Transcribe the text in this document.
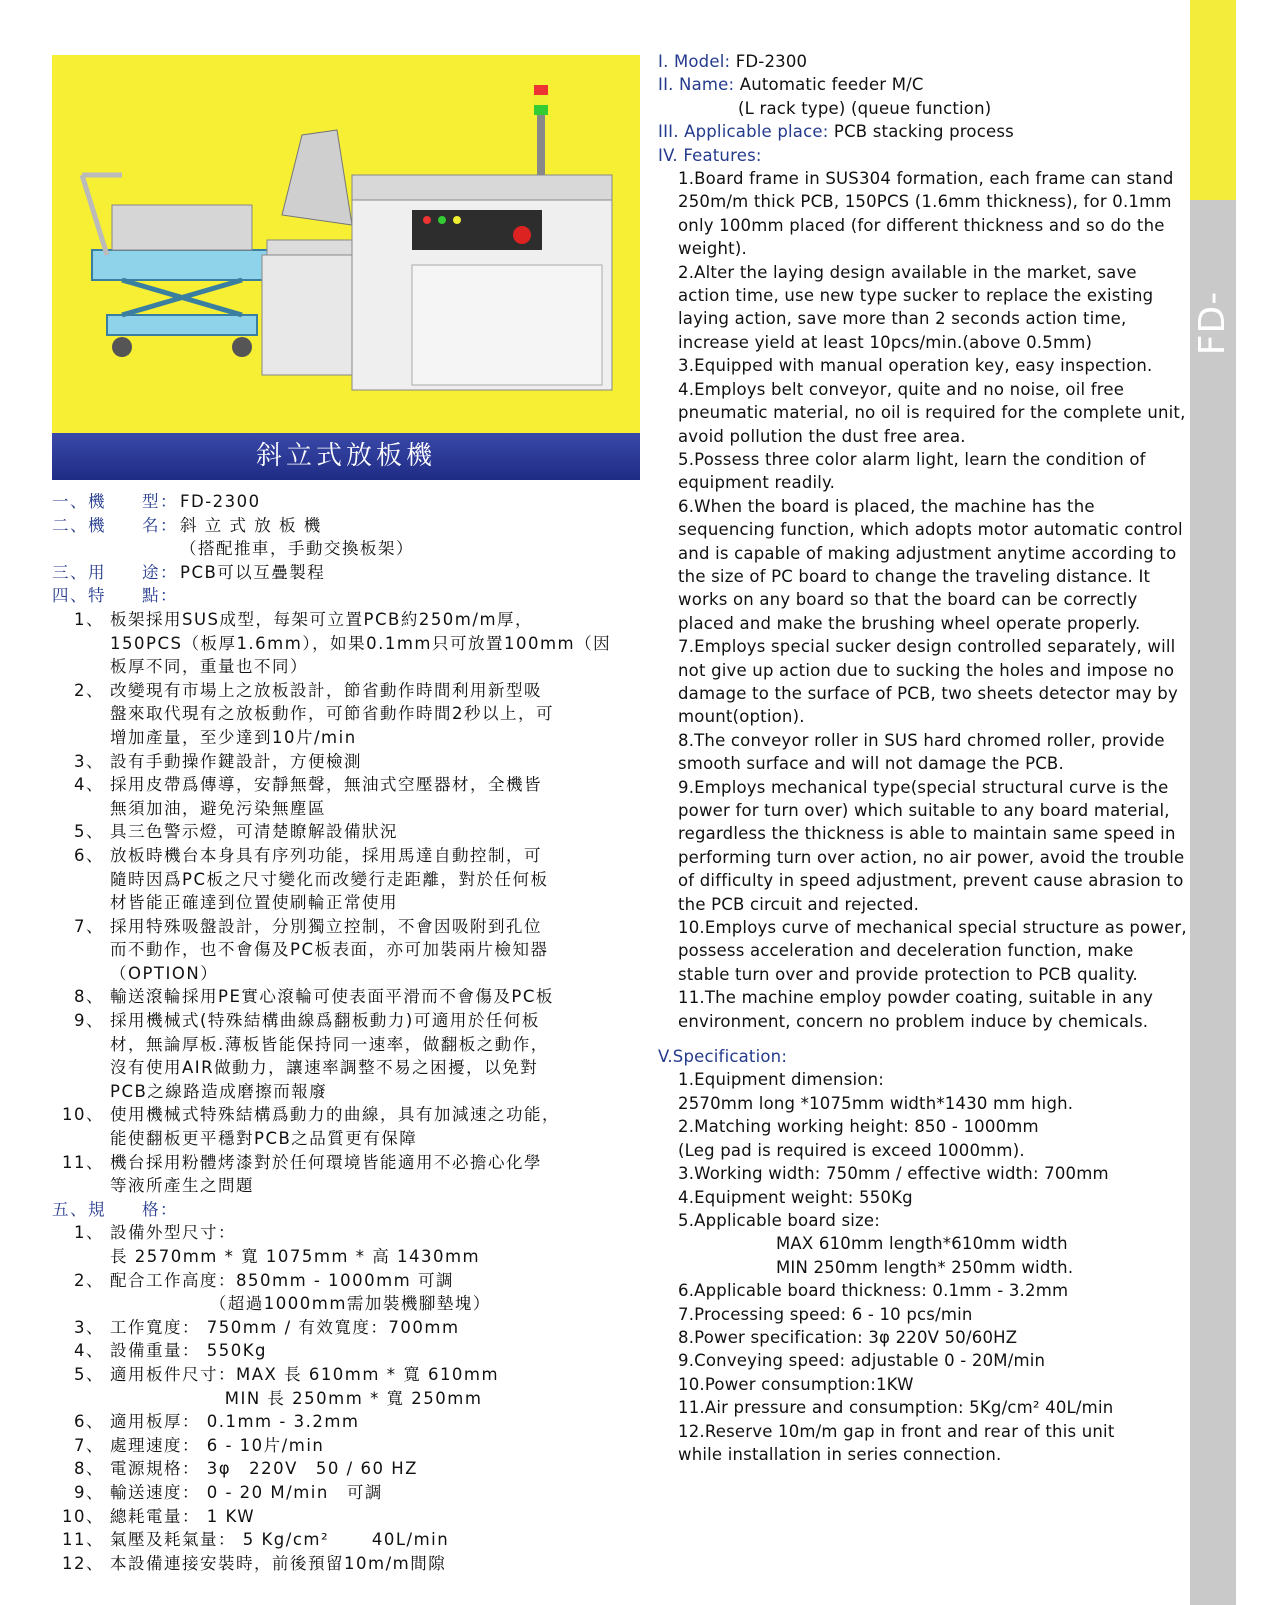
FD-2300
斜立式放板機
一、機　　型： FD-2300
二、機　　名： 斜 立 式 放 板 機
（搭配推車，手動交換板架）
三、用　　途： PCB可以互疊製程
四、特　　點：
1、 板架採用SUS成型，每架可立置PCB約250m/m厚，
150PCS（板厚1.6mm），如果0.1mm只可放置100mm（因
板厚不同，重量也不同）
2、 改變現有市場上之放板設計，節省動作時間利用新型吸
盤來取代現有之放板動作，可節省動作時間2秒以上，可
增加產量，至少達到10片/min
3、 設有手動操作鍵設計，方便檢測
4、 採用皮帶爲傳導，安靜無聲，無油式空壓器材，全機皆
無須加油，避免污染無塵區
5、 具三色警示燈，可清楚瞭解設備狀況
6、 放板時機台本身具有序列功能，採用馬達自動控制，可
隨時因爲PC板之尺寸變化而改變行走距離，對於任何板
材皆能正確達到位置使刷輪正常使用
7、 採用特殊吸盤設計，分別獨立控制，不會因吸附到孔位
而不動作，也不會傷及PC板表面，亦可加裝兩片檢知器
（OPTION）
8、 輸送滾輪採用PE實心滾輪可使表面平滑而不會傷及PC板
9、 採用機械式(特殊結構曲線爲翻板動力)可適用於任何板
材，無論厚板.薄板皆能保持同一速率，做翻板之動作，
沒有使用AIR做動力，讓速率調整不易之困擾，以免對
PCB之線路造成磨擦而報廢
10、 使用機械式特殊結構爲動力的曲線，具有加減速之功能，
能使翻板更平穩對PCB之品質更有保障
11、 機台採用粉體烤漆對於任何環境皆能適用不必擔心化學
等液所產生之問題
五、規　　格：
1、 設備外型尺寸：
長 2570mm * 寬 1075mm * 高 1430mm
2、 配合工作高度：850mm - 1000mm 可調
　　　　　　（超過1000mm需加裝機腳墊塊）
3、 工作寬度： 750mm / 有效寬度：700mm
4、 設備重量： 550Kg
5、 適用板件尺寸：MAX 長 610mm * 寬 610mm
　　　　　　 MIN 長 250mm * 寬 250mm
6、 適用板厚： 0.1mm - 3.2mm
7、 處理速度： 6 - 10片/min
8、 電源規格： 3φ　220V　50 / 60 HZ
9、 輸送速度： 0 - 20 M/min　可調
10、 總耗電量： 1 KW
11、 氣壓及耗氣量： 5 Kg/cm²　　 40L/min
12、 本設備連接安裝時，前後預留10m/m間隙
I. Model: FD-2300
II. Name: Automatic feeder M/C
(L rack type) (queue function)
III. Applicable place: PCB stacking process
IV. Features:
1.Board frame in SUS304 formation, each frame can stand 250m/m thick PCB, 150PCS (1.6mm thickness), for 0.1mm only 100mm placed (for different thickness and so do the weight).
2.Alter the laying design available in the market, save action time, use new type sucker to replace the existing laying action, save more than 2 seconds action time, increase yield at least 10pcs/min.(above 0.5mm)
3.Equipped with manual operation key, easy inspection.
4.Employs belt conveyor, quite and no noise, oil free pneumatic material, no oil is required for the complete unit, avoid pollution the dust free area.
5.Possess three color alarm light, learn the condition of equipment readily.
6.When the board is placed, the machine has the sequencing function, which adopts motor automatic control and is capable of making adjustment anytime according to the size of PC board to change the traveling distance. It works on any board so that the board can be correctly placed and make the brushing wheel operate properly.
7.Employs special sucker design controlled separately, will not give up action due to sucking the holes and impose no damage to the surface of PCB, two sheets detector may by mount(option).
8.The conveyor roller in SUS hard chromed roller, provide smooth surface and will not damage the PCB.
9.Employs mechanical type(special structural curve is the power for turn over) which suitable to any board material, regardless the thickness is able to maintain same speed in performing turn over action, no air power, avoid the trouble of difficulty in speed adjustment, prevent cause abrasion to the PCB circuit and rejected.
10.Employs curve of mechanical special structure as power, possess acceleration and deceleration function, make stable turn over and provide protection to PCB quality.
11.The machine employ powder coating, suitable in any environment, concern no problem induce by chemicals.
V.Specification:
1.Equipment dimension:
2570mm long *1075mm width*1430 mm high.
2.Matching working height: 850 - 1000mm
(Leg pad is required is exceed 1000mm).
3.Working width: 750mm / effective width: 700mm
4.Equipment weight: 550Kg
5.Applicable board size:
MAX 610mm length*610mm width
MIN 250mm length* 250mm width.
6.Applicable board thickness: 0.1mm - 3.2mm
7.Processing speed: 6 - 10 pcs/min
8.Power specification: 3φ 220V 50/60HZ
9.Conveying speed: adjustable 0 - 20M/min
10.Power consumption:1KW
11.Air pressure and consumption: 5Kg/cm² 40L/min
12.Reserve 10m/m gap in front and rear of this unit
while installation in series connection.
